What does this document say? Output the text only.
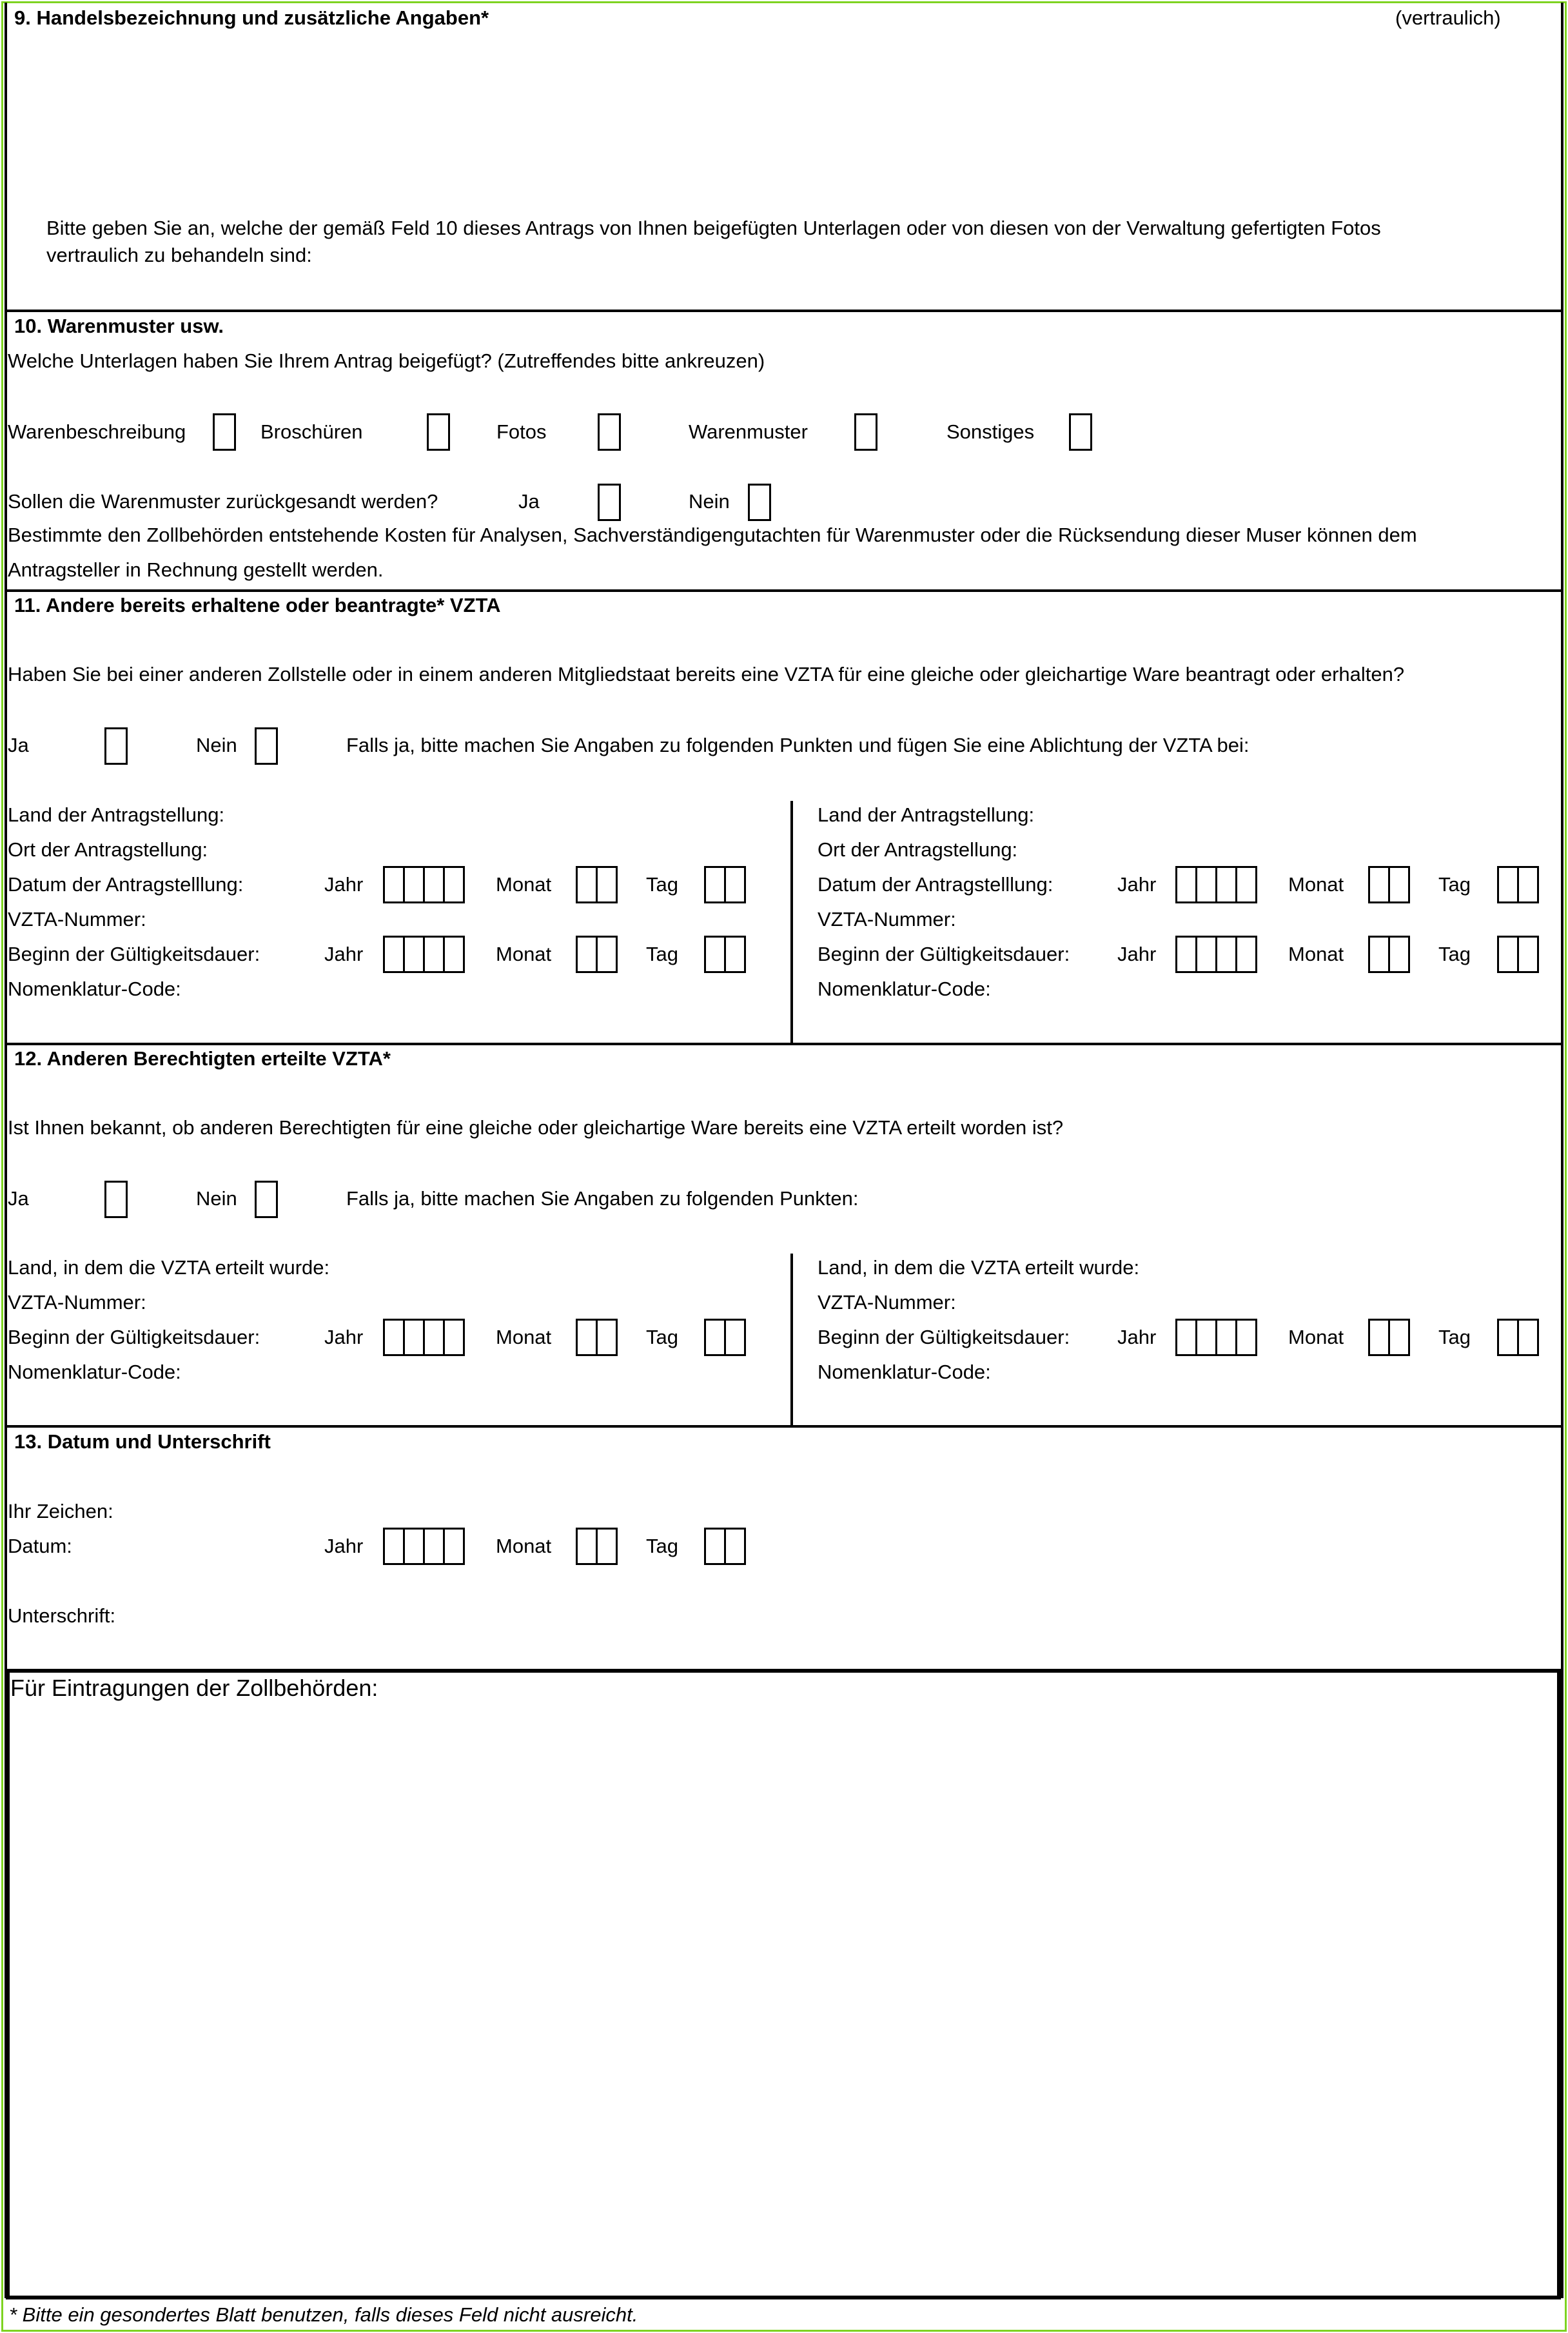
9. Handelsbezeichnung und zusätzliche Angaben*	(vertraulich)
Bitte geben Sie an, welche der gemäß Feld 10 dieses Antrags von Ihnen beigefügten Unterlagen oder von diesen von der Verwaltung gefertigten Fotos
vertraulich zu behandeln sind:
10. Warenmuster usw.
Welche Unterlagen haben Sie Ihrem Antrag beigefügt? (Zutreffendes bitte ankreuzen)
Warenbeschreibung	Broschüren	Fotos	Warenmuster	Sonstiges
Sollen die Warenmuster zurückgesandt werden?	Ja	Nein
Bestimmte den Zollbehörden entstehende Kosten für Analysen, Sachverständigengutachten für Warenmuster oder die Rücksendung dieser Muser können dem
Antragsteller in Rechnung gestellt werden.
11. Andere bereits erhaltene oder beantragte* VZTA
Haben Sie bei einer anderen Zollstelle oder in einem anderen Mitgliedstaat bereits eine VZTA für eine gleiche oder gleichartige Ware beantragt oder erhalten?
Ja	Nein	Falls ja, bitte machen Sie Angaben zu folgenden Punkten und fügen Sie eine Ablichtung der VZTA bei:
Land der Antragstellung:
Ort der Antragstellung:
Datum der Antragstelllung:	Jahr	Monat	Tag
VZTA-Nummer:
Beginn der Gültigkeitsdauer:	Jahr	Monat	Tag
Nomenklatur-Code:
Land der Antragstellung:
Ort der Antragstellung:
Datum der Antragstelllung:	Jahr	Monat	Tag
VZTA-Nummer:
Beginn der Gültigkeitsdauer: Jahr	Monat	Tag
Nomenklatur-Code:
12. Anderen Berechtigten erteilte VZTA*
Ist Ihnen bekannt, ob anderen Berechtigten für eine gleiche oder gleichartige Ware bereits eine VZTA erteilt worden ist?
Ja	Nein	Falls ja, bitte machen Sie Angaben zu folgenden Punkten:
Land, in dem die VZTA erteilt wurde:
VZTA-Nummer:
Beginn der Gültigkeitsdauer:	Jahr	Monat	Tag
Nomenklatur-Code:
Land, in dem die VZTA erteilt wurde:
VZTA-Nummer:
Beginn der Gültigkeitsdauer: Jahr	Monat	Tag
Nomenklatur-Code:
13. Datum und Unterschrift
Ihr Zeichen:
Datum:	Jahr	Monat	Tag
Unterschrift:
Für Eintragungen der Zollbehörden:
* Bitte ein gesondertes Blatt benutzen, falls dieses Feld nicht ausreicht.
